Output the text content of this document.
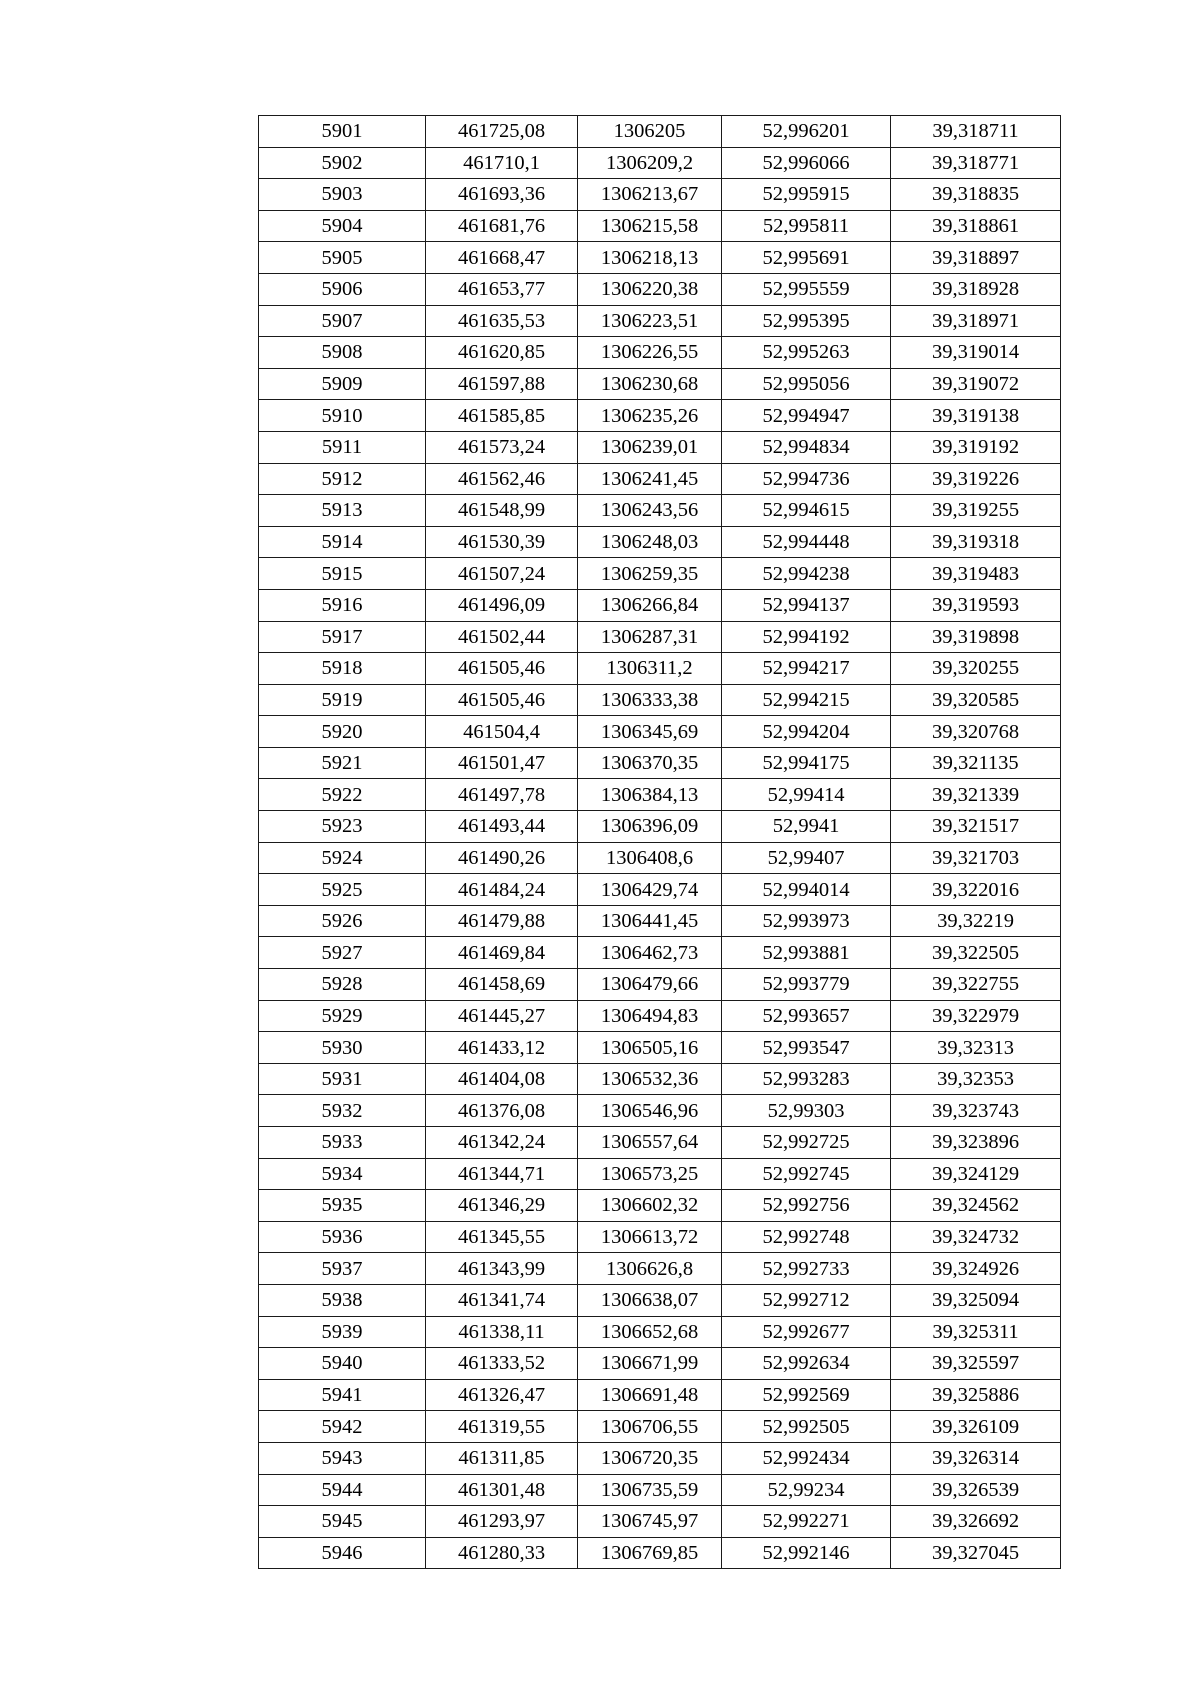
5901	461725,08	1306205	52,996201	39,318711
5902	461710,1	1306209,2	52,996066	39,318771
5903	461693,36	1306213,67	52,995915	39,318835
5904	461681,76	1306215,58	52,995811	39,318861
5905	461668,47	1306218,13	52,995691	39,318897
5906	461653,77	1306220,38	52,995559	39,318928
5907	461635,53	1306223,51	52,995395	39,318971
5908	461620,85	1306226,55	52,995263	39,319014
5909	461597,88	1306230,68	52,995056	39,319072
5910	461585,85	1306235,26	52,994947	39,319138
5911	461573,24	1306239,01	52,994834	39,319192
5912	461562,46	1306241,45	52,994736	39,319226
5913	461548,99	1306243,56	52,994615	39,319255
5914	461530,39	1306248,03	52,994448	39,319318
5915	461507,24	1306259,35	52,994238	39,319483
5916	461496,09	1306266,84	52,994137	39,319593
5917	461502,44	1306287,31	52,994192	39,319898
5918	461505,46	1306311,2	52,994217	39,320255
5919	461505,46	1306333,38	52,994215	39,320585
5920	461504,4	1306345,69	52,994204	39,320768
5921	461501,47	1306370,35	52,994175	39,321135
5922	461497,78	1306384,13	52,99414	39,321339
5923	461493,44	1306396,09	52,9941	39,321517
5924	461490,26	1306408,6	52,99407	39,321703
5925	461484,24	1306429,74	52,994014	39,322016
5926	461479,88	1306441,45	52,993973	39,32219
5927	461469,84	1306462,73	52,993881	39,322505
5928	461458,69	1306479,66	52,993779	39,322755
5929	461445,27	1306494,83	52,993657	39,322979
5930	461433,12	1306505,16	52,993547	39,32313
5931	461404,08	1306532,36	52,993283	39,32353
5932	461376,08	1306546,96	52,99303	39,323743
5933	461342,24	1306557,64	52,992725	39,323896
5934	461344,71	1306573,25	52,992745	39,324129
5935	461346,29	1306602,32	52,992756	39,324562
5936	461345,55	1306613,72	52,992748	39,324732
5937	461343,99	1306626,8	52,992733	39,324926
5938	461341,74	1306638,07	52,992712	39,325094
5939	461338,11	1306652,68	52,992677	39,325311
5940	461333,52	1306671,99	52,992634	39,325597
5941	461326,47	1306691,48	52,992569	39,325886
5942	461319,55	1306706,55	52,992505	39,326109
5943	461311,85	1306720,35	52,992434	39,326314
5944	461301,48	1306735,59	52,99234	39,326539
5945	461293,97	1306745,97	52,992271	39,326692
5946	461280,33	1306769,85	52,992146	39,327045
